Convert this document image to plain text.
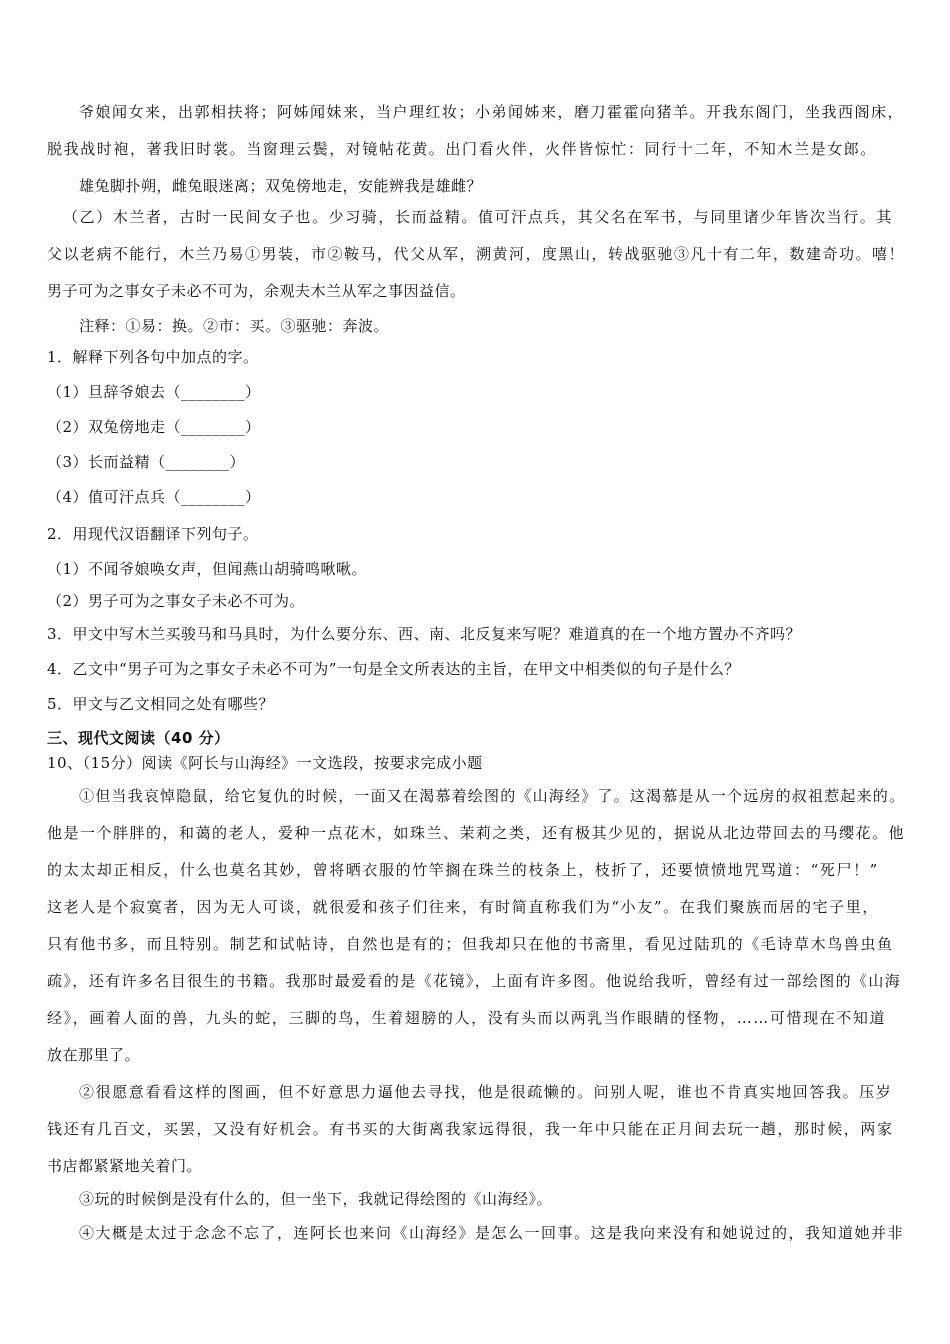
爷娘闻女来，出郭相扶将；阿姊闻妹来，当户理红妆；小弟闻姊来，磨刀霍霍向猪羊。开我东阁门，坐我西阁床，
脱我战时袍，著我旧时裳。当窗理云鬓，对镜帖花黄。出门看火伴，火伴皆惊忙：同行十二年，不知木兰是女郎。
雄兔脚扑朔，雌兔眼迷离；双兔傍地走，安能辨我是雄雌？
（乙）木兰者，古时一民间女子也。少习骑，长而益精。值可汗点兵，其父名在军书，与同里诸少年皆次当行。其
父以老病不能行，木兰乃易①男装，市②鞍马，代父从军，溯黄河，度黑山，转战驱驰③凡十有二年，数建奇功。嘻！
男子可为之事女子未必不可为，余观夫木兰从军之事因益信。
注释：①易：换。②市：买。③驱驰：奔波。
1．解释下列各句中加点的字。
（1）旦辞爷娘去（________）
（2）双兔傍地走（________）
（3）长而益精（________）
（4）值可汗点兵（________）
2．用现代汉语翻译下列句子。
（1）不闻爷娘唤女声，但闻燕山胡骑鸣啾啾。
（2）男子可为之事女子未必不可为。
3．甲文中写木兰买骏马和马具时，为什么要分东、西、南、北反复来写呢？难道真的在一个地方置办不齐吗？
4．乙文中“男子可为之事女子未必不可为”一句是全文所表达的主旨，在甲文中相类似的句子是什么？
5．甲文与乙文相同之处有哪些？
三、现代文阅读（40 分）
10、（15分）阅读《阿长与山海经》一文选段，按要求完成小题
①但当我哀悼隐鼠，给它复仇的时候，一面又在渴慕着绘图的《山海经》了。这渴慕是从一个远房的叔祖惹起来的。
他是一个胖胖的，和蔼的老人，爱种一点花木，如珠兰、茉莉之类，还有极其少见的，据说从北边带回去的马缨花。他
的太太却正相反，什么也莫名其妙，曾将晒衣服的竹竿搁在珠兰的枝条上，枝折了，还要愤愤地咒骂道：“死尸！”
这老人是个寂寞者，因为无人可谈，就很爱和孩子们往来，有时简直称我们为“小友”。在我们聚族而居的宅子里，
只有他书多，而且特别。制艺和试帖诗，自然也是有的；但我却只在他的书斋里，看见过陆玑的《毛诗草木鸟兽虫鱼
疏》，还有许多名目很生的书籍。我那时最爱看的是《花镜》，上面有许多图。他说给我听，曾经有过一部绘图的《山海
经》，画着人面的兽，九头的蛇，三脚的鸟，生着翅膀的人，没有头而以两乳当作眼睛的怪物，……可惜现在不知道
放在那里了。
②很愿意看看这样的图画，但不好意思力逼他去寻找，他是很疏懒的。问别人呢，谁也不肯真实地回答我。压岁
钱还有几百文，买罢，又没有好机会。有书买的大街离我家远得很，我一年中只能在正月间去玩一趟，那时候，两家
书店都紧紧地关着门。
③玩的时候倒是没有什么的，但一坐下，我就记得绘图的《山海经》。
④大概是太过于念念不忘了，连阿长也来问《山海经》是怎么一回事。这是我向来没有和她说过的，我知道她并非
